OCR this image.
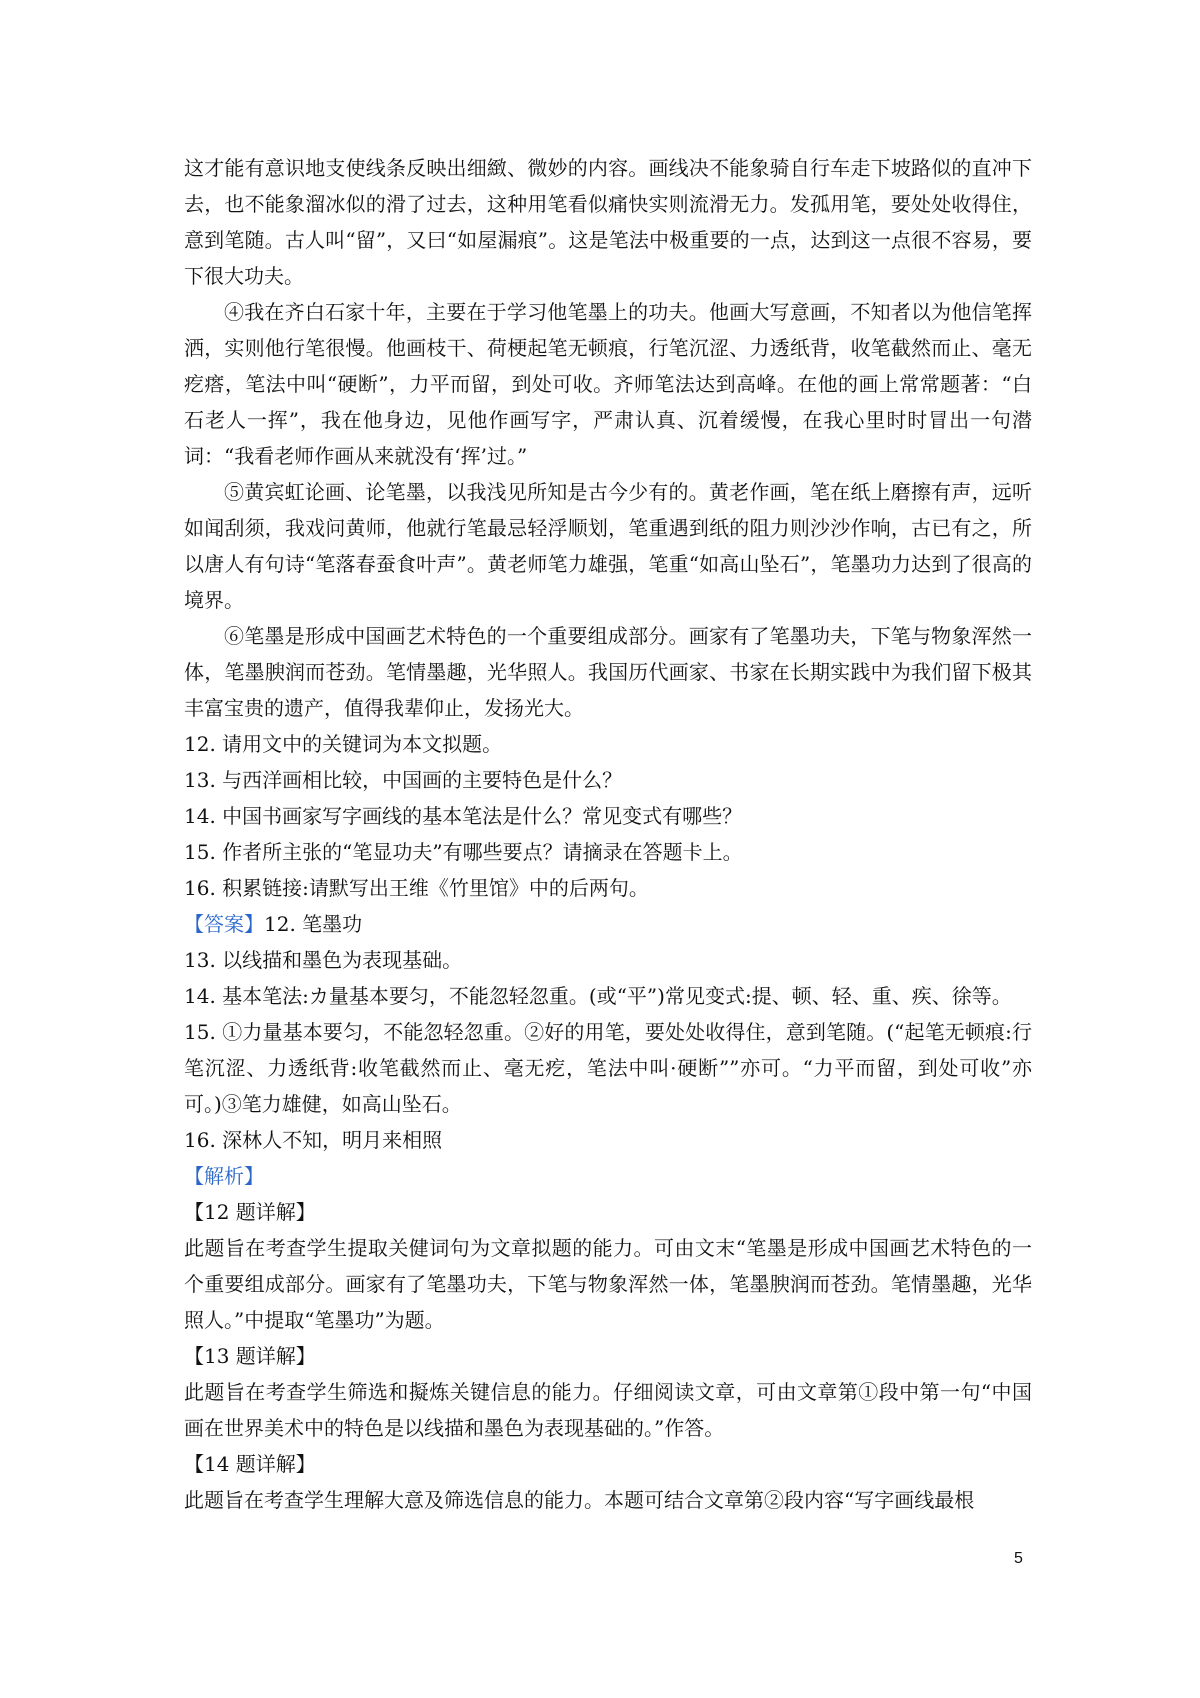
这才能有意识地支使线条反映出细緻、微妙的内容。画线决不能象骑自行车走下坡路似的直冲下去，也不能象溜冰似的滑了过去，这种用笔看似痛快实则流滑无力。发孤用笔，要处处收得住，意到笔随。古人叫“留”，又曰“如屋漏痕”。这是笔法中极重要的一点，达到这一点很不容易，要下很大功夫。

④我在齐白石家十年，主要在于学习他笔墨上的功夫。他画大写意画，不知者以为他信笔挥洒，实则他行笔很慢。他画枝干、荷梗起笔无顿痕，行笔沉涩、力透纸背，收笔截然而止、毫无疙瘩，笔法中叫“硬断”，力平而留，到处可收。齐师笔法达到高峰。在他的画上常常题著：“白石老人一挥”，我在他身边，见他作画写字，严肃认真、沉着缓慢，在我心里时时冒出一句潜词：“我看老师作画从来就没有‘挥’过。”

⑤黄宾虹论画、论笔墨，以我浅见所知是古今少有的。黄老作画，笔在纸上磨擦有声，远听如闻刮须，我戏问黄师，他就行笔最忌轻浮顺划，笔重遇到纸的阻力则沙沙作响，古已有之，所以唐人有句诗“笔落春蚕食叶声”。黄老师笔力雄强，笔重“如高山坠石”，笔墨功力达到了很高的境界。

⑥笔墨是形成中国画艺术特色的一个重要组成部分。画家有了笔墨功夫，下笔与物象浑然一体，笔墨腴润而苍劲。笔情墨趣，光华照人。我国历代画家、书家在长期实践中为我们留下极其丰富宝贵的遗产，值得我辈仰止，发扬光大。

12. 请用文中的关键词为本文拟题。

13. 与西洋画相比较，中国画的主要特色是什么？

14. 中国书画家写字画线的基本笔法是什么？常见变式有哪些？

15. 作者所主张的“笔显功夫”有哪些要点？请摘录在答题卡上。

16. 积累链接:请默写出王维《竹里馆》中的后两句。

【答案】12. 笔墨功

13. 以线描和墨色为表现基础。

14. 基本笔法:カ量基本要匀，不能忽轻忽重。(或“平”)常见变式:提、顿、轻、重、疾、徐等。

15. ①力量基本要匀，不能忽轻忽重。②好的用笔，要处处收得住，意到笔随。(“起笔无顿痕:行笔沉涩、力透纸背:收笔截然而止、毫无疙，笔法中叫·硬断””亦可。“力平而留，到处可收”亦可。)③笔力雄健，如高山坠石。

16. 深林人不知，明月来相照

【解析】

【12 题详解】

此题旨在考查学生提取关健词句为文章拟题的能力。可由文末“笔墨是形成中国画艺术特色的一个重要组成部分。画家有了笔墨功夫，下笔与物象浑然一体，笔墨腴润而苍劲。笔情墨趣，光华照人。”中提取“笔墨功”为题。

【13 题详解】

此题旨在考查学生筛选和擬炼关键信息的能力。仔细阅读文章，可由文章第①段中第一句“中国画在世界美术中的特色是以线描和墨色为表现基础的。”作答。

【14 题详解】

此题旨在考查学生理解大意及筛选信息的能力。本题可结合文章第②段内容“写字画线最根

5
